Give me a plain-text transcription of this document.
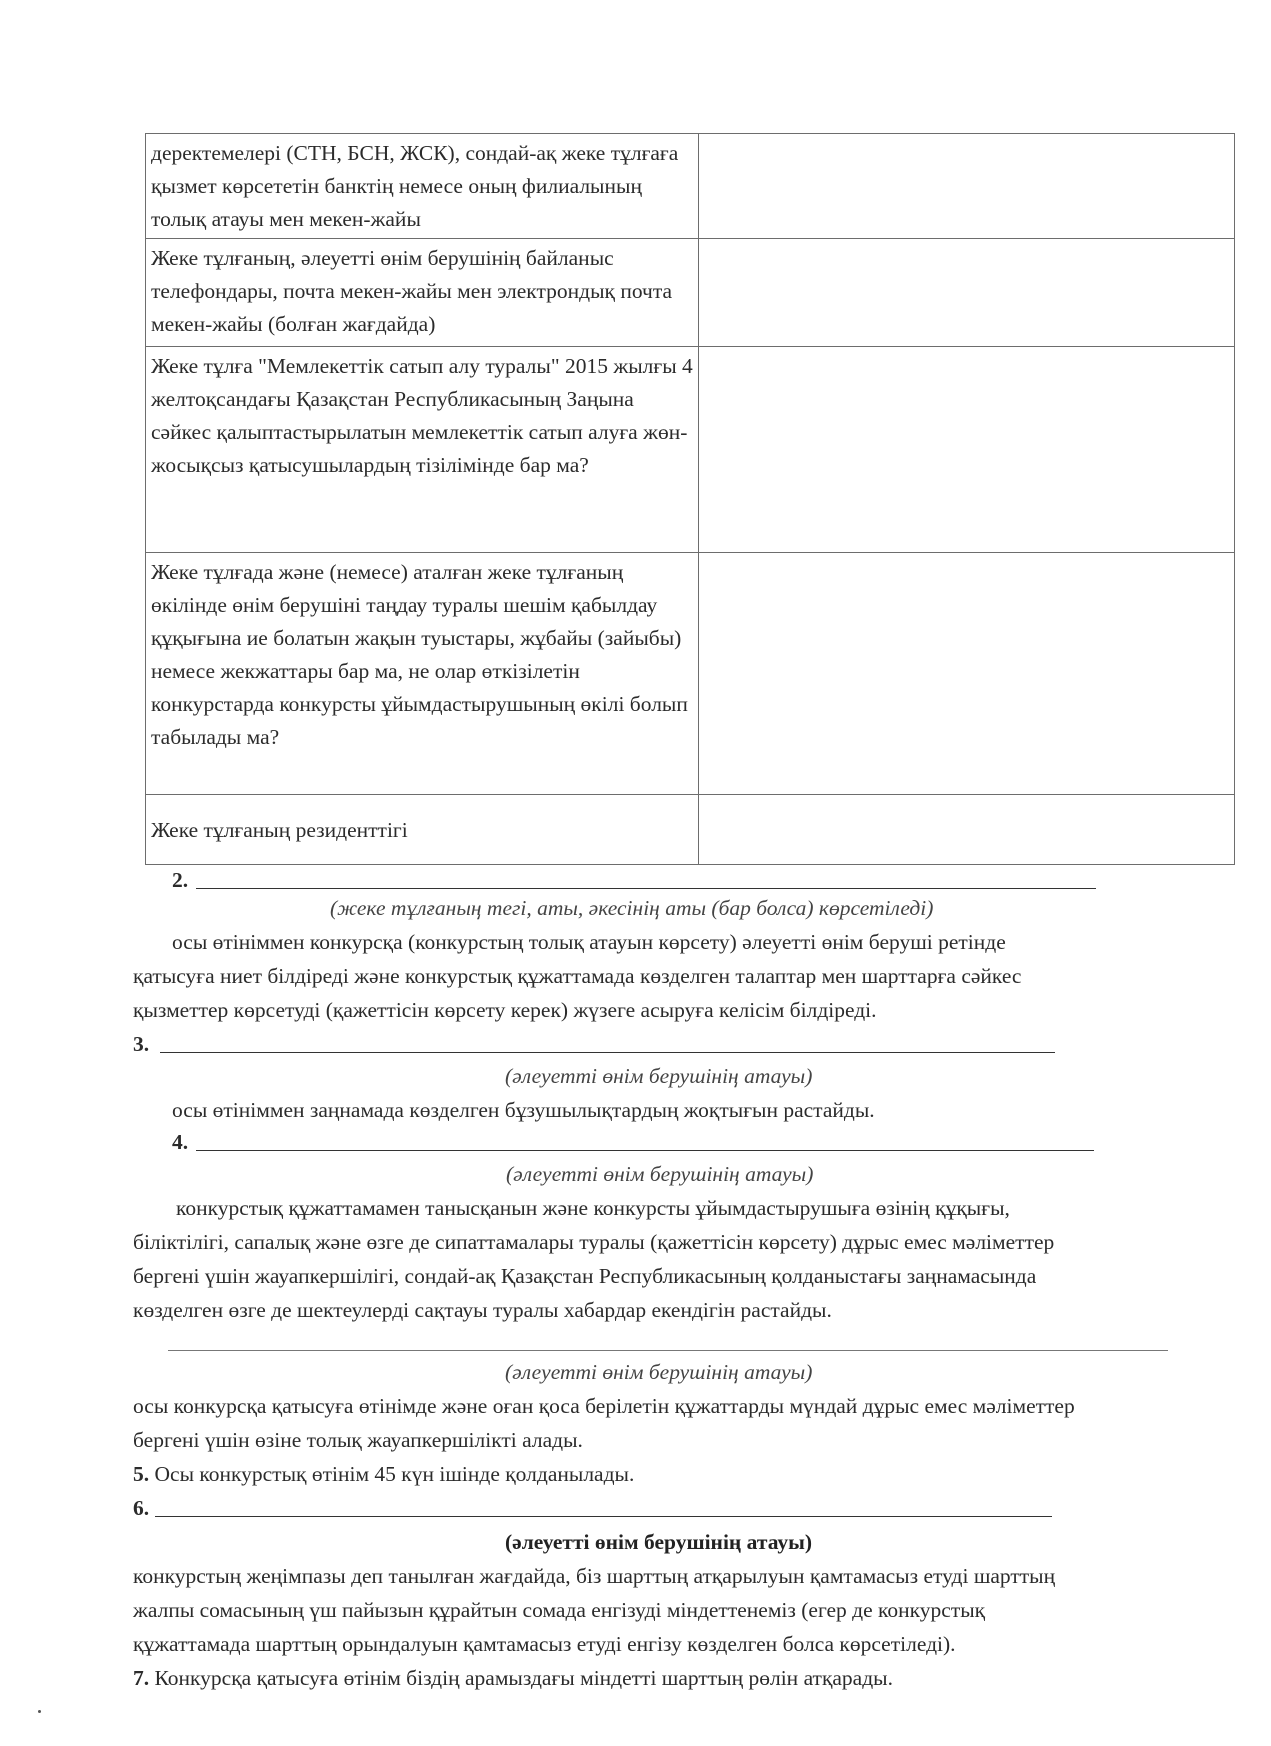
деректемелері (СТН, БСН, ЖСК), сондай-ақ жеке тұлғаға қызмет көрсететін банктің немесе оның филиалының толық атауы мен мекен-жайы	
Жеке тұлғаның, әлеуетті өнім берушінің байланыс телефондары, почта мекен-жайы мен электрондық почта мекен-жайы (болған жағдайда)	
Жеке тұлға "Мемлекеттік сатып алу туралы" 2015 жылғы 4 желтоқсандағы Қазақстан Республикасының Заңына сәйкес қалыптастырылатын мемлекеттік сатып алуға жөн-жосықсыз қатысушылардың тізілімінде бар ма?	
Жеке тұлғада және (немесе) аталған жеке тұлғаның өкілінде өнім берушіні таңдау туралы шешім қабылдау құқығына ие болатын жақын туыстары, жұбайы (зайыбы) немесе жекжаттары бар ма, не олар өткізілетін конкурстарда конкурсты ұйымдастырушының өкілі болып табылады ма?	
Жеке тұлғаның резиденттігі	
2.
(жеке тұлғаның тегі, аты, әкесінің аты (бар болса) көрсетіледі)
осы өтініммен конкурсқа (конкурстың толық атауын көрсету) әлеуетті өнім беруші ретінде
қатысуға ниет білдіреді және конкурстық құжаттамада көзделген талаптар мен шарттарға сәйкес
қызметтер көрсетуді (қажеттісін көрсету керек) жүзеге асыруға келісім білдіреді.
3.
(әлеуетті өнім берушінің атауы)
осы өтініммен заңнамада көзделген бұзушылықтардың жоқтығын растайды.
4.
(әлеуетті өнім берушінің атауы)
конкурстық құжаттамамен танысқанын және конкурсты ұйымдастырушыға өзінің құқығы,
біліктілігі, сапалық және өзге де сипаттамалары туралы (қажеттісін көрсету) дұрыс емес мәліметтер
бергені үшін жауапкершілігі, сондай-ақ Қазақстан Республикасының қолданыстағы заңнамасында
көзделген өзге де шектеулерді сақтауы туралы хабардар екендігін растайды.
(әлеуетті өнім берушінің атауы)
осы конкурсқа қатысуға өтінімде және оған қоса берілетін құжаттарды мүндай дұрыс емес мәліметтер
бергені үшін өзіне толық жауапкершілікті алады.
5. Осы конкурстық өтінім 45 күн ішінде қолданылады.
6.
(әлеуетті өнім берушінің атауы)
конкурстың жеңімпазы деп танылған жағдайда, біз шарттың атқарылуын қамтамасыз етуді шарттың
жалпы сомасының үш пайызын құрайтын сомада енгізуді міндеттенеміз (егер де конкурстық
құжаттамада шарттың орындалуын қамтамасыз етуді енгізу көзделген болса көрсетіледі).
7. Конкурсқа қатысуға өтінім біздің арамыздағы міндетті шарттың рөлін атқарады.
